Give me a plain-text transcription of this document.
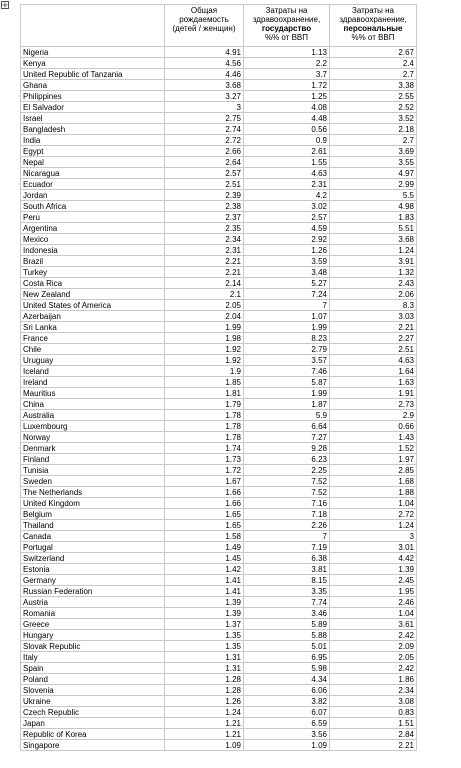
	Общая рождаемость (детей / женщин)	Затраты на здравоохранение,
государство
%% от ВВП	Затраты на здравоохранение,
персональные
%% от ВВП
Nigeria	4.91	1.13	2.67
Kenya	4.56	2.2	2.4
United Republic of Tanzania	4.46	3.7	2.7
Ghana	3.68	1.72	3.38
Philippines	3.27	1.25	2.55
El Salvador	3	4.08	2.52
Israel	2.75	4.48	3.52
Bangladesh	2.74	0.56	2.18
India	2.72	0.9	2.7
Egypt	2.66	2.61	3.69
Nepal	2.64	1.55	3.55
Nicaragua	2.57	4.63	4.97
Ecuador	2.51	2.31	2.99
Jordan	2.39	4.2	5.5
South Africa	2.38	3.02	4.98
Peru	2.37	2.57	1.83
Argentina	2.35	4.59	5.51
Mexico	2.34	2.92	3.68
Indonesia	2.31	1.26	1.24
Brazil	2.21	3.59	3.91
Turkey	2.21	3.48	1.32
Costa Rica	2.14	5.27	2.43
New Zealand	2.1	7.24	2.06
United States of America	2.05	7	8.3
Azerbaijan	2.04	1.07	3.03
Sri Lanka	1.99	1.99	2.21
France	1.98	8.23	2.27
Chile	1.92	2.79	2.51
Uruguay	1.92	3.57	4.63
Iceland	1.9	7.46	1.64
Ireland	1.85	5.87	1.63
Mauritius	1.81	1.99	1.91
China	1.79	1.87	2.73
Australia	1.78	5.9	2.9
Luxembourg	1.78	6.64	0.66
Norway	1.78	7.27	1.43
Denmark	1.74	9.28	1.52
Finland	1.73	6.23	1.97
Tunisia	1.72	2.25	2.85
Sweden	1.67	7.52	1.68
The Netherlands	1.66	7.52	1.88
United Kingdom	1.66	7.16	1.04
Belgium	1.65	7.18	2.72
Thailand	1.65	2.26	1.24
Canada	1.58	7	3
Portugal	1.49	7.19	3.01
Switzerland	1.45	6.38	4.42
Estonia	1.42	3.81	1.39
Germany	1.41	8.15	2.45
Russian Federation	1.41	3.35	1.95
Austria	1.39	7.74	2.46
Romania	1.39	3.46	1.04
Greece	1.37	5.89	3.61
Hungary	1.35	5.88	2.42
Slovak Republic	1.35	5.01	2.09
Italy	1.31	6.95	2.05
Spain	1.31	5.98	2.42
Poland	1.28	4.34	1.86
Slovenia	1.28	6.06	2.34
Ukraine	1.26	3.82	3.08
Czech Republic	1.24	6.07	0.83
Japan	1.21	6.59	1.51
Republic of Korea	1.21	3.56	2.84
Singapore	1.09	1.09	2.21
